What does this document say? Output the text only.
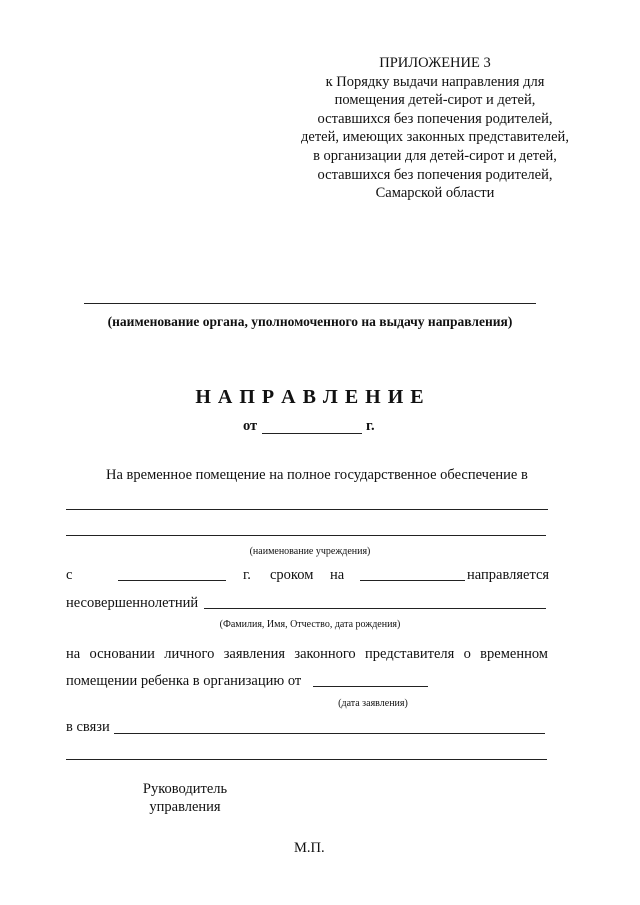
ПРИЛОЖЕНИЕ 3
к Порядку выдачи направления для помещения детей-сирот и детей, оставшихся без попечения родителей, детей, имеющих законных представителей, в организации для детей-сирот и детей, оставшихся без попечения родителей, Самарской области
(наименование органа, уполномоченного на выдачу направления)
Н А П Р А В Л Е Н И Е
от	г.
На временное помещение на полное государственное обеспечение в
(наименование учреждения)
с	г. сроком на	направляется
несовершеннолетний
(Фамилия, Имя, Отчество, дата рождения)
на основании личного заявления законного представителя о временном
помещении ребенка в организацию от
(дата заявления)
в связи
Руководитель
управления
М.П.
